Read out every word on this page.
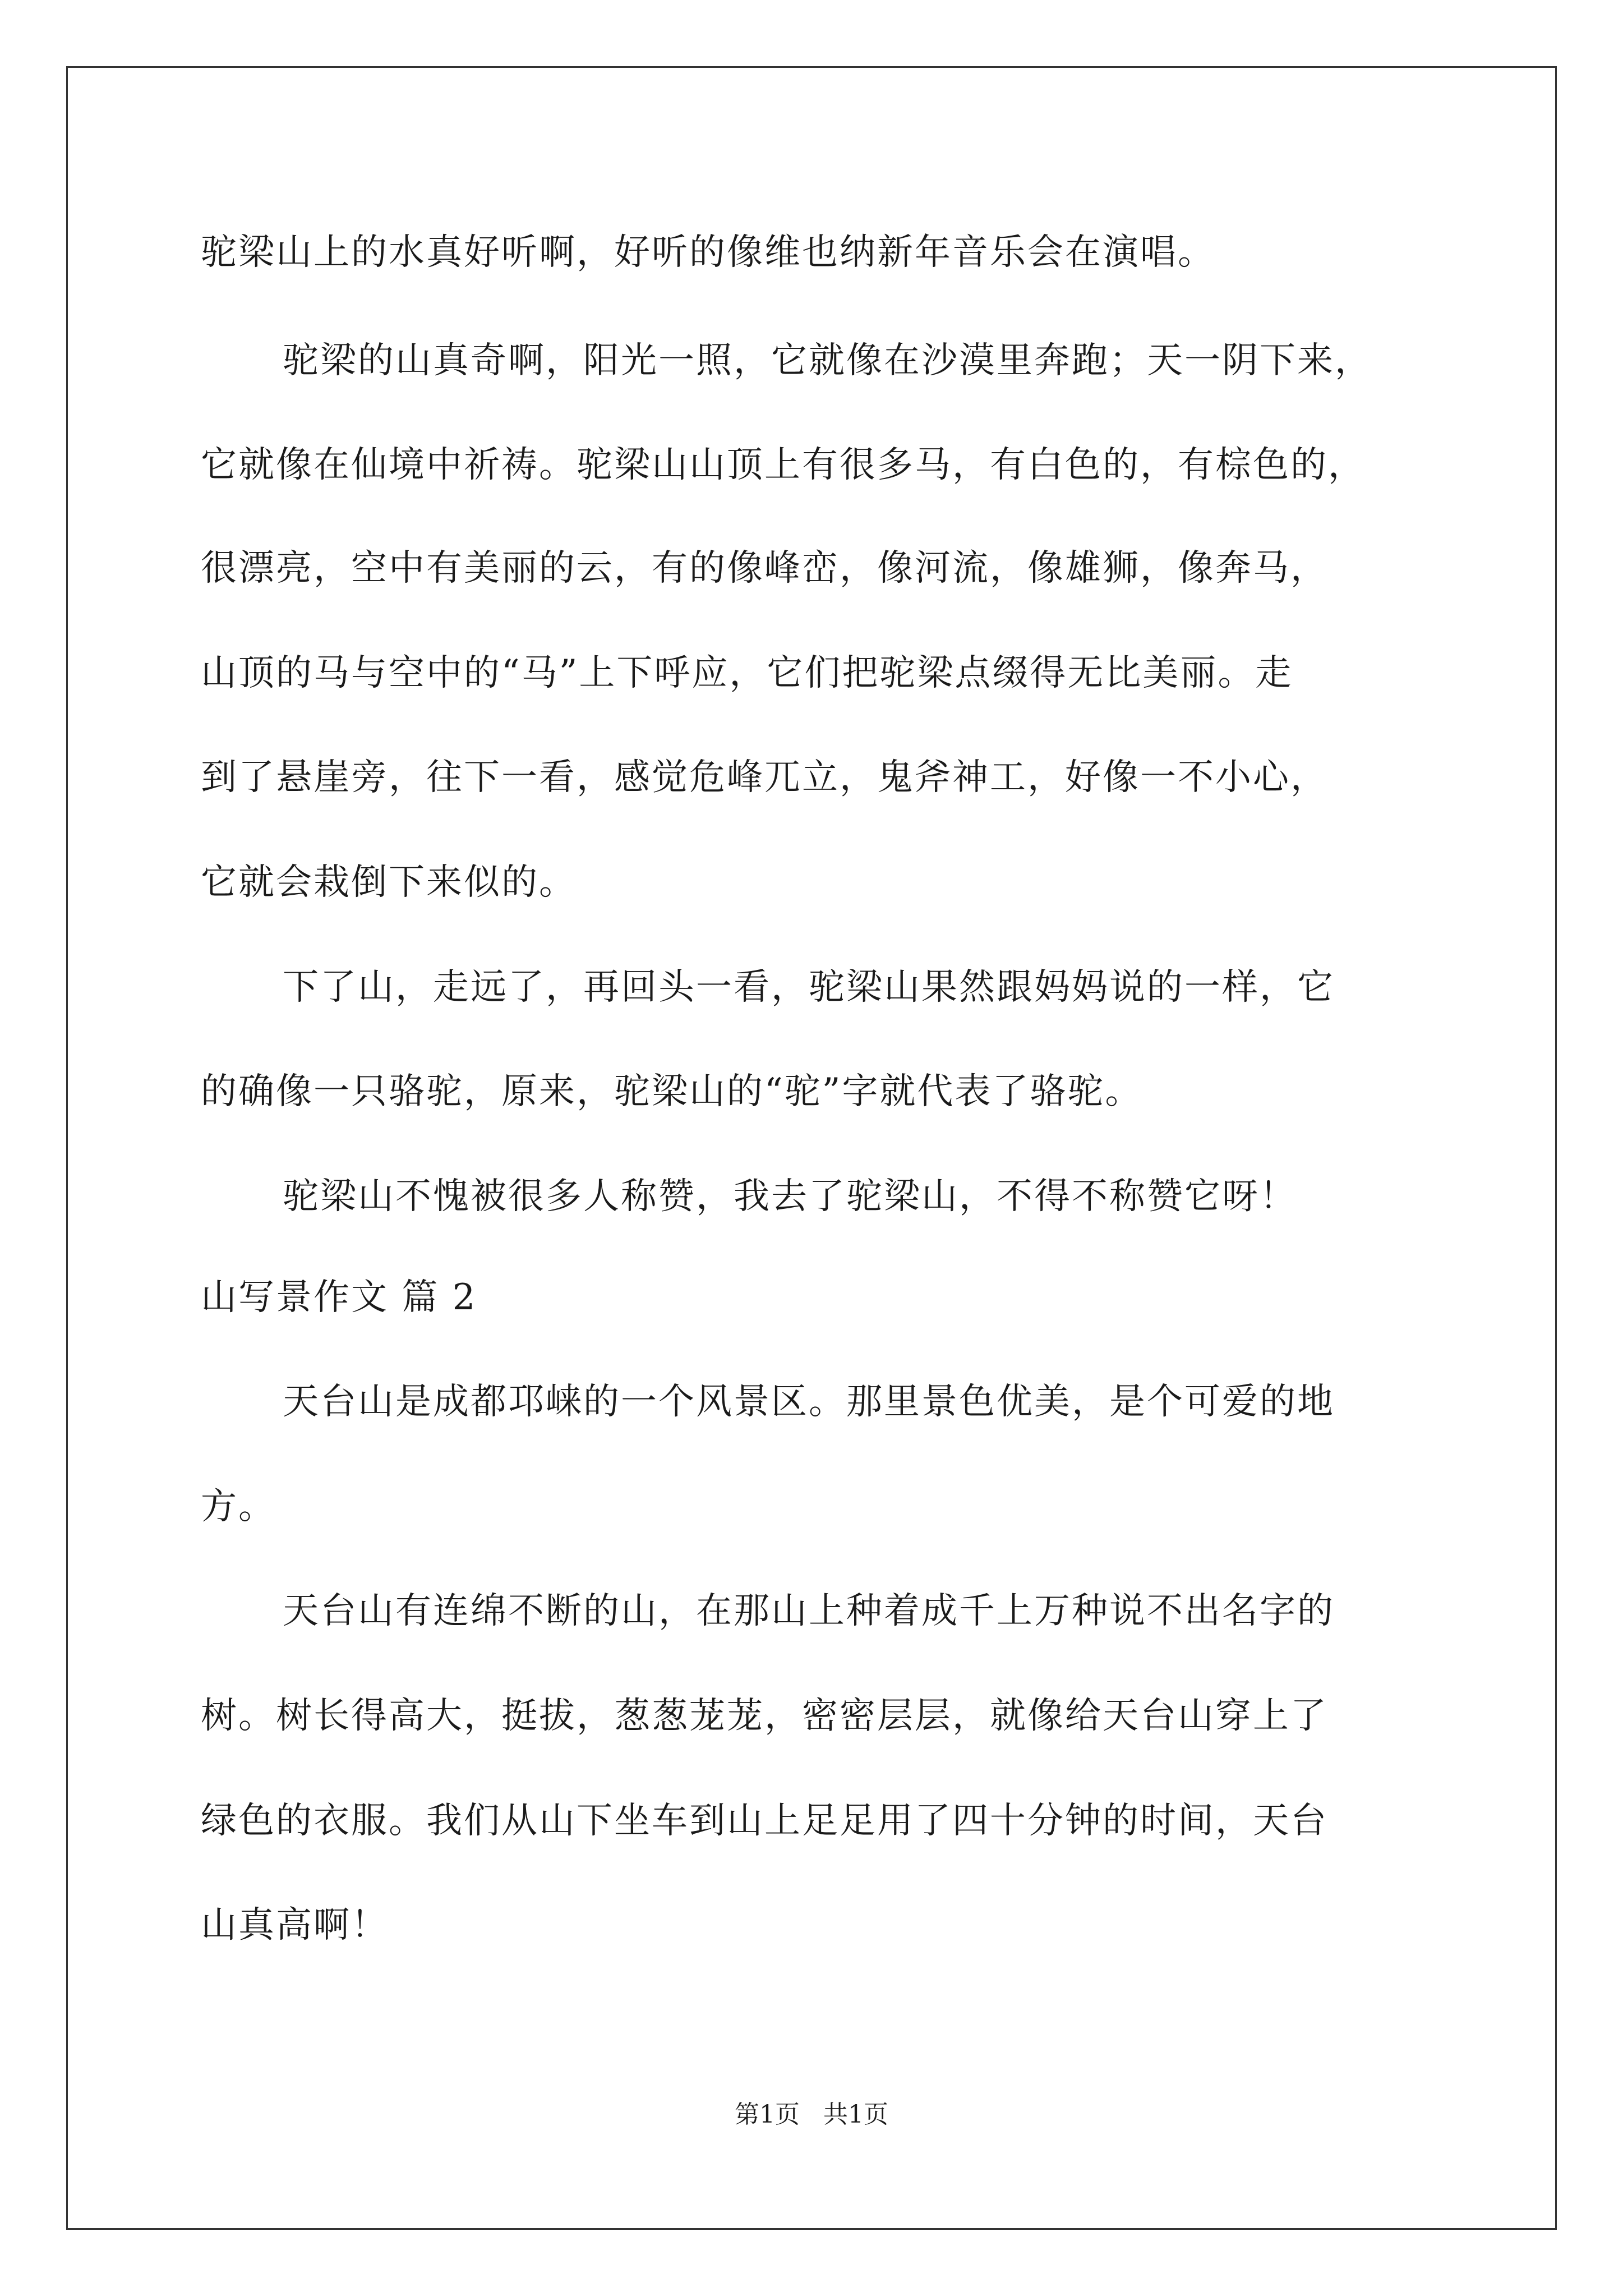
驼梁山上的水真好听啊，好听的像维也纳新年音乐会在演唱。
驼梁的山真奇啊，阳光一照，它就像在沙漠里奔跑；天一阴下来，
它就像在仙境中祈祷。驼梁山山顶上有很多马，有白色的，有棕色的，
很漂亮，空中有美丽的云，有的像峰峦，像河流，像雄狮，像奔马，
山顶的马与空中的“马”上下呼应，它们把驼梁点缀得无比美丽。走
到了悬崖旁，往下一看，感觉危峰兀立，鬼斧神工，好像一不小心，
它就会栽倒下来似的。
下了山，走远了，再回头一看，驼梁山果然跟妈妈说的一样，它
的确像一只骆驼，原来，驼梁山的“驼”字就代表了骆驼。
驼梁山不愧被很多人称赞，我去了驼梁山，不得不称赞它呀！
山写景作文 篇 2
天台山是成都邛崃的一个风景区。那里景色优美，是个可爱的地
方。
天台山有连绵不断的山，在那山上种着成千上万种说不出名字的
树。树长得高大，挺拔，葱葱茏茏，密密层层，就像给天台山穿上了
绿色的衣服。我们从山下坐车到山上足足用了四十分钟的时间，天台
山真高啊！
第1页   共1页
